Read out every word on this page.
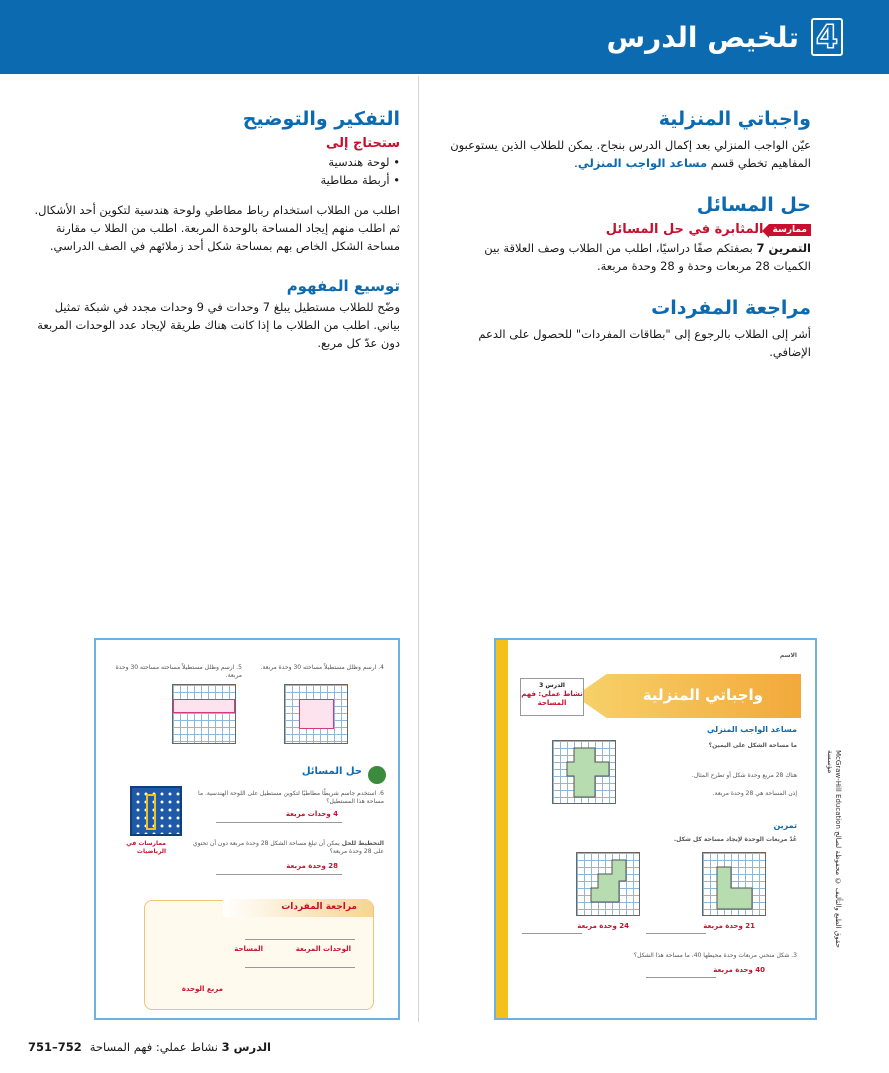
4
تلخيص الدرس
واجباتي المنزلية

عيّن الواجب المنزلي بعد إكمال الدرس بنجاح. يمكن للطلاب الذين يستوعبون المفاهيم تخطي قسم مساعد الواجب المنزلي.

حل المسائل
ممارسة
المثابرة في حل المسائل

التمرين 7 بصفتكم صفًا دراسيًا، اطلب من الطلاب وصف العلاقة بين الكميات 28 مربعات وحدة و 28 وحدة مربعة.

مراجعة المفردات

أشر إلى الطلاب بالرجوع إلى "بطاقات المفردات" للحصول على الدعم الإضافي.

التفكير والتوضيح
ستحتاج إلى
• لوحة هندسية
• أربطة مطاطية

اطلب من الطلاب استخدام رباط مطاطي ولوحة هندسية لتكوين أحد الأشكال. ثم اطلب منهم إيجاد المساحة بالوحدة المربعة. اطلب من الطلا ب مقارنة مساحة الشكل الخاص بهم بمساحة شكل أحد زملائهم في الصف الدراسي.

توسيع المفهوم

وضّح للطلاب مستطيل يبلغ 7 وحدات في 9 وحدات مجدد في شبكة تمثيل بياني. اطلب من الطلاب ما إذا كانت هناك طريقة لإيجاد عدد الوحدات المربعة دون عدّ كل مربع.

الاسم
واجباتي المنزلية
الدرس 3
نشاط عملي: فهم المساحة
مساعد الواجب المنزلي
ما مساحة الشكل على اليمين؟
هناك 28 مربع وحدة شكل أو تطرح المثال.
إذن المساحة هي 28 وحدة مربعة.
تمرين
عُدّ مربعات الوحدة لإيجاد مساحة كل شكل.
21 وحدة مربعة
24 وحدة مربعة
3. شكل منحني مربعات وحدة محيطها 40، ما مساحة هذا الشكل؟
40 وحدة مربعة
McGraw-Hill Education حقوق الطبع والتأليف © محفوظة لصالح مؤسسة
4. ارسم وظلل مستطيلاً مساحته 30 وحدة مربعة.
5. ارسم وظلل مستطيلاً مساحته مساحته 30 وحدة مربعة.
حل المسائل
6. استخدم جاسم شريطًا مطاطيًا لتكوين مستطيل على اللوحة الهندسية. ما مساحة هذا المستطيل؟
4 وحدات مربعة
ممارسات في الرياضيات
التخطيط للحل يمكن أن تبلغ مساحة الشكل 28 وحدة مربعة دون أن تحتوي على 28 وحدة مربعة؟
28 وحدة مربعة
مراجعة المفردات
المساحة	الوحدات المربعة
مربع الوحدة
الدرس 3 نشاط عملي: فهم المساحة
751–752
